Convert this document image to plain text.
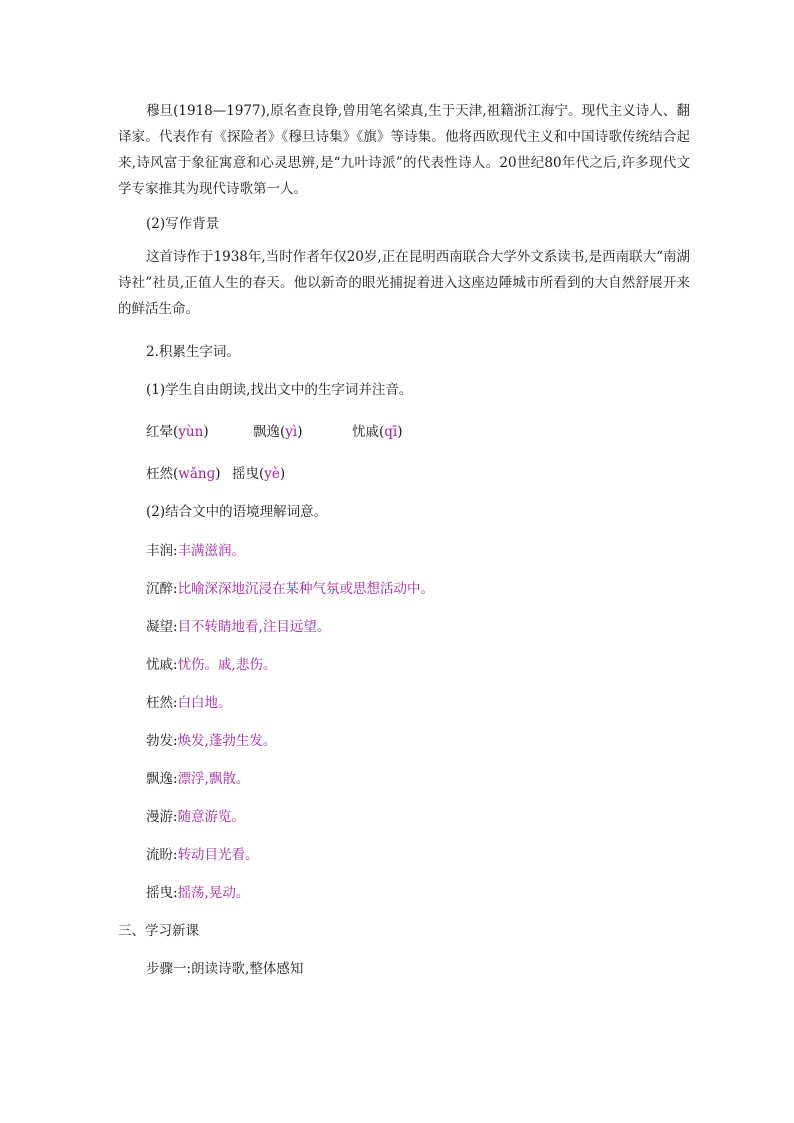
穆旦(1918—1977),原名查良铮,曾用笔名梁真,生于天津,祖籍浙江海宁。现代主义诗人、翻译家。代表作有《探险者》《穆旦诗集》《旗》等诗集。他将西欧现代主义和中国诗歌传统结合起来,诗风富于象征寓意和心灵思辨,是“九叶诗派”的代表性诗人。20世纪80年代之后,许多现代文学专家推其为现代诗歌第一人。

(2)写作背景

这首诗作于1938年,当时作者年仅20岁,正在昆明西南联合大学外文系读书,是西南联大“南湖诗社”社员,正值人生的春天。他以新奇的眼光捕捉着进入这座边陲城市所看到的大自然舒展开来的鲜活生命。

2.积累生字词。

(1)学生自由朗读,找出文中的生字词并注音。

红晕(yùn)	飘逸(yì)	忧戚(qī)

枉然(wǎnɡ) 摇曳(yè)

(2)结合文中的语境理解词意。

丰润:丰满滋润。

沉醉:比喻深深地沉浸在某种气氛或思想活动中。

凝望:目不转睛地看,注目远望。

忧戚:忧伤。戚,悲伤。

枉然:白白地。

勃发:焕发,蓬勃生发。

飘逸:漂浮,飘散。

漫游:随意游览。

流盼:转动目光看。

摇曳:摇荡,晃动。

三、学习新课

步骤一:朗读诗歌,整体感知
